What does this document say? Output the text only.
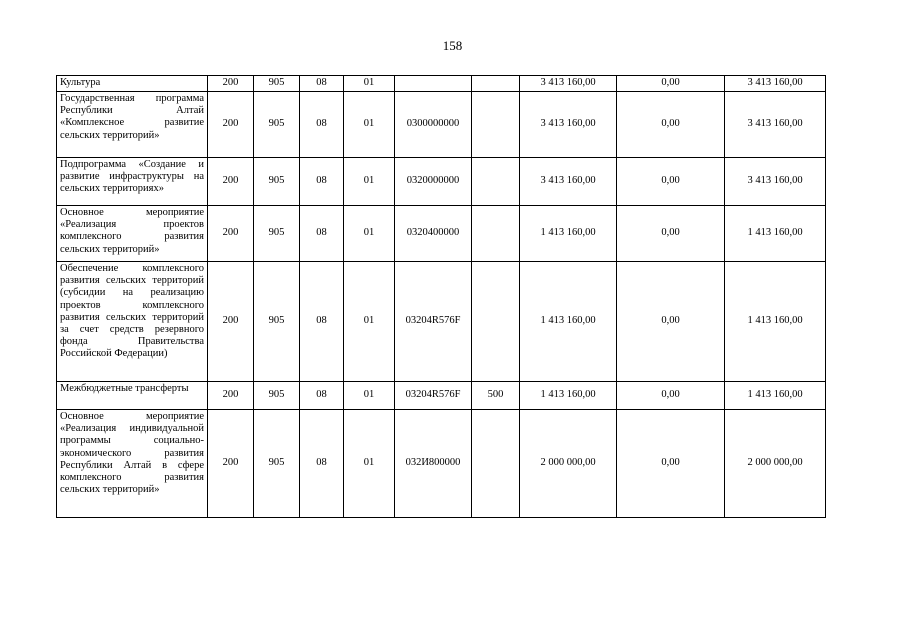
158
Культура	200	905	08	01			3 413 160,00	0,00	3 413 160,00
Государственная программа Республики Алтай «Комплексное развитие сельских территорий»	200	905	08	01	0300000000		3 413 160,00	0,00	3 413 160,00
Подпрограмма «Создание и развитие инфраструктуры на сельских территориях»	200	905	08	01	0320000000		3 413 160,00	0,00	3 413 160,00
Основное мероприятие «Реализация проектов комплексного развития сельских территорий»	200	905	08	01	0320400000		1 413 160,00	0,00	1 413 160,00
Обеспечение комплексного развития сельских территорий (субсидии на реализацию проектов комплексного развития сельских территорий за счет средств резервного фонда Правительства Российской Федерации)	200	905	08	01	03204R576F		1 413 160,00	0,00	1 413 160,00
Межбюджетные трансферты	200	905	08	01	03204R576F	500	1 413 160,00	0,00	1 413 160,00
Основное мероприятие «Реализация индивидуальной программы социально-экономического развития Республики Алтай в сфере комплексного развития сельских территорий»	200	905	08	01	032И800000		2 000 000,00	0,00	2 000 000,00
